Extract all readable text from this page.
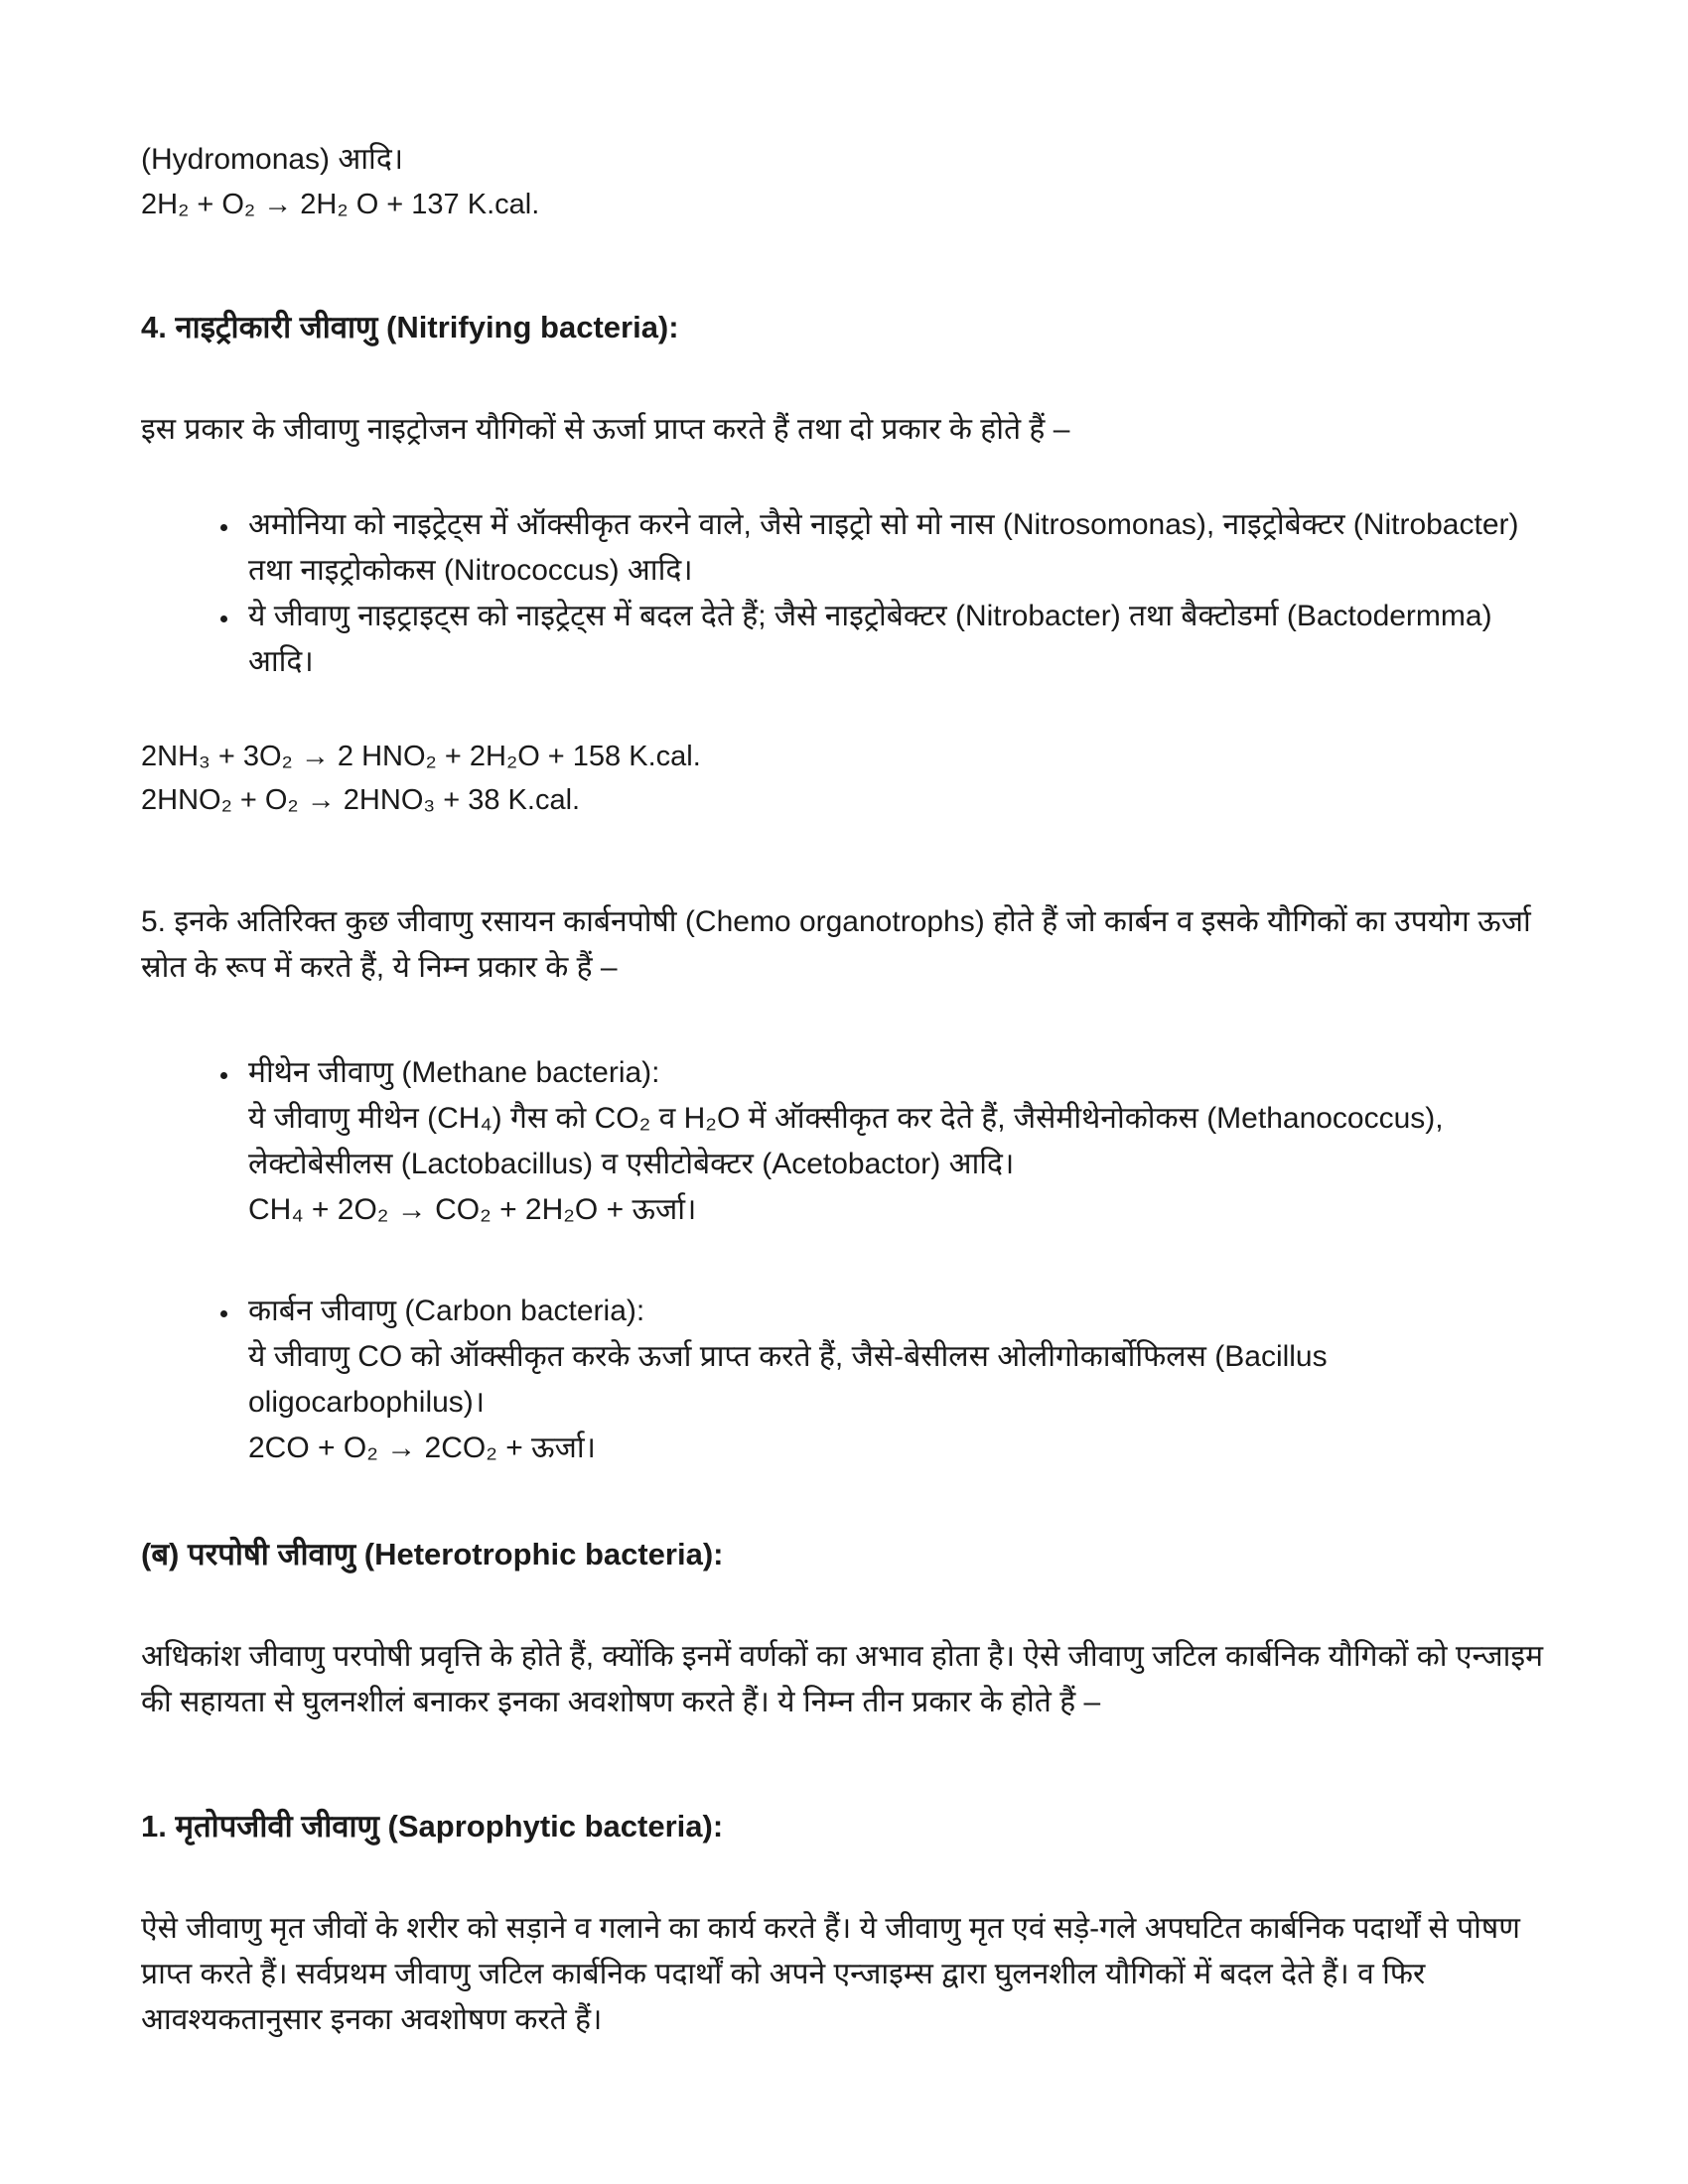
(Hydromonas) आदि।

2H₂ + O₂ → 2H₂ O + 137 K.cal.

4. नाइट्रीकारी जीवाणु (Nitrifying bacteria):

इस प्रकार के जीवाणु नाइट्रोजन यौगिकों से ऊर्जा प्राप्त करते हैं तथा दो प्रकार के होते हैं –

• अमोनिया को नाइट्रेट्स में ऑक्सीकृत करने वाले, जैसे नाइट्रो सो मो नास (Nitrosomonas), नाइट्रोबेक्टर (Nitrobacter) तथा नाइट्रोकोकस (Nitrococcus) आदि।
• ये जीवाणु नाइट्राइट्स को नाइट्रेट्स में बदल देते हैं; जैसे नाइट्रोबेक्टर (Nitrobacter) तथा बैक्टोडर्मा (Bactodermma) आदि।

2NH₃ + 3O₂ → 2 HNO₂ + 2H₂O + 158 K.cal.

2HNO₂ + O₂ → 2HNO₃ + 38 K.cal.

5. इनके अतिरिक्त कुछ जीवाणु रसायन कार्बनपोषी (Chemo organotrophs) होते हैं जो कार्बन व इसके यौगिकों का उपयोग ऊर्जा स्रोत के रूप में करते हैं, ये निम्न प्रकार के हैं –

• मीथेन जीवाणु (Methane bacteria):
ये जीवाणु मीथेन (CH₄) गैस को CO₂ व H₂O में ऑक्सीकृत कर देते हैं, जैसेमीथेनोकोकस (Methanococcus), लेक्टोबेसीलस (Lactobacillus) व एसीटोबेक्टर (Acetobactor) आदि।
CH₄ + 2O₂ → CO₂ + 2H₂O + ऊर्जा।
• कार्बन जीवाणु (Carbon bacteria):
ये जीवाणु CO को ऑक्सीकृत करके ऊर्जा प्राप्त करते हैं, जैसे-बेसीलस ओलीगोकार्बोफिलस (Bacillus oligocarbophilus)।
2CO + O₂ → 2CO₂ + ऊर्जा।
(ब) परपोषी जीवाणु (Heterotrophic bacteria):

अधिकांश जीवाणु परपोषी प्रवृत्ति के होते हैं, क्योंकि इनमें वर्णकों का अभाव होता है। ऐसे जीवाणु जटिल कार्बनिक यौगिकों को एन्जाइम की सहायता से घुलनशीलं बनाकर इनका अवशोषण करते हैं। ये निम्न तीन प्रकार के होते हैं –

1. मृतोपजीवी जीवाणु (Saprophytic bacteria):

ऐसे जीवाणु मृत जीवों के शरीर को सड़ाने व गलाने का कार्य करते हैं। ये जीवाणु मृत एवं सड़े-गले अपघटित कार्बनिक पदार्थों से पोषण प्राप्त करते हैं। सर्वप्रथम जीवाणु जटिल कार्बनिक पदार्थों को अपने एन्जाइम्स द्वारा घुलनशील यौगिकों में बदल देते हैं। व फिर आवश्यकतानुसार इनका अवशोषण करते हैं।
